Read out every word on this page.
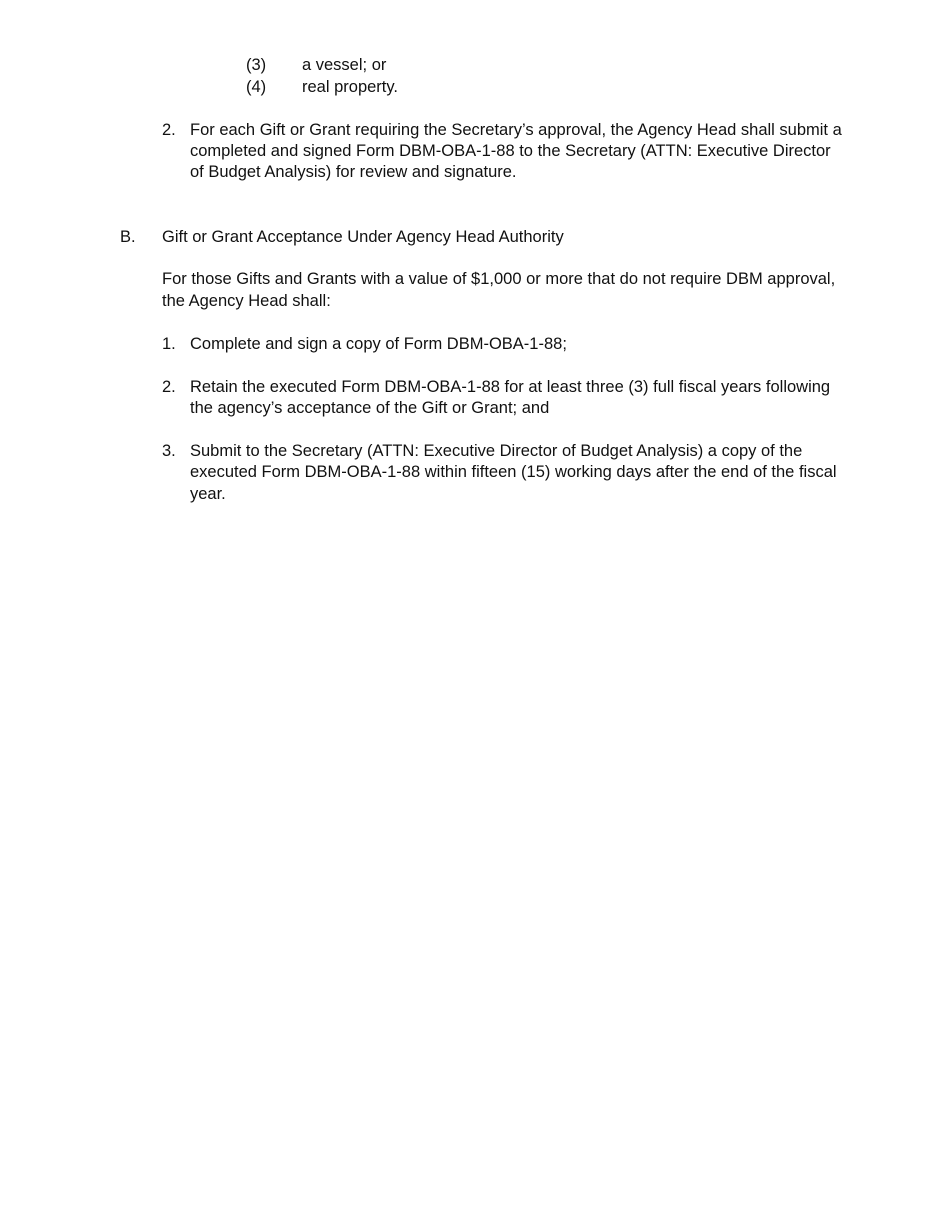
(3) a vessel; or
(4) real property.
2. For each Gift or Grant requiring the Secretary’s approval, the Agency Head shall submit a
completed and signed Form DBM-OBA-1-88 to the Secretary (ATTN: Executive Director
of Budget Analysis) for review and signature.
B. Gift or Grant Acceptance Under Agency Head Authority
For those Gifts and Grants with a value of $1,000 or more that do not require DBM approval,
the Agency Head shall:
1. Complete and sign a copy of Form DBM-OBA-1-88;
2. Retain the executed Form DBM-OBA-1-88 for at least three (3) full fiscal years following
the agency’s acceptance of the Gift or Grant; and
3. Submit to the Secretary (ATTN: Executive Director of Budget Analysis) a copy of the
executed Form DBM-OBA-1-88 within fifteen (15) working days after the end of the fiscal
year.
